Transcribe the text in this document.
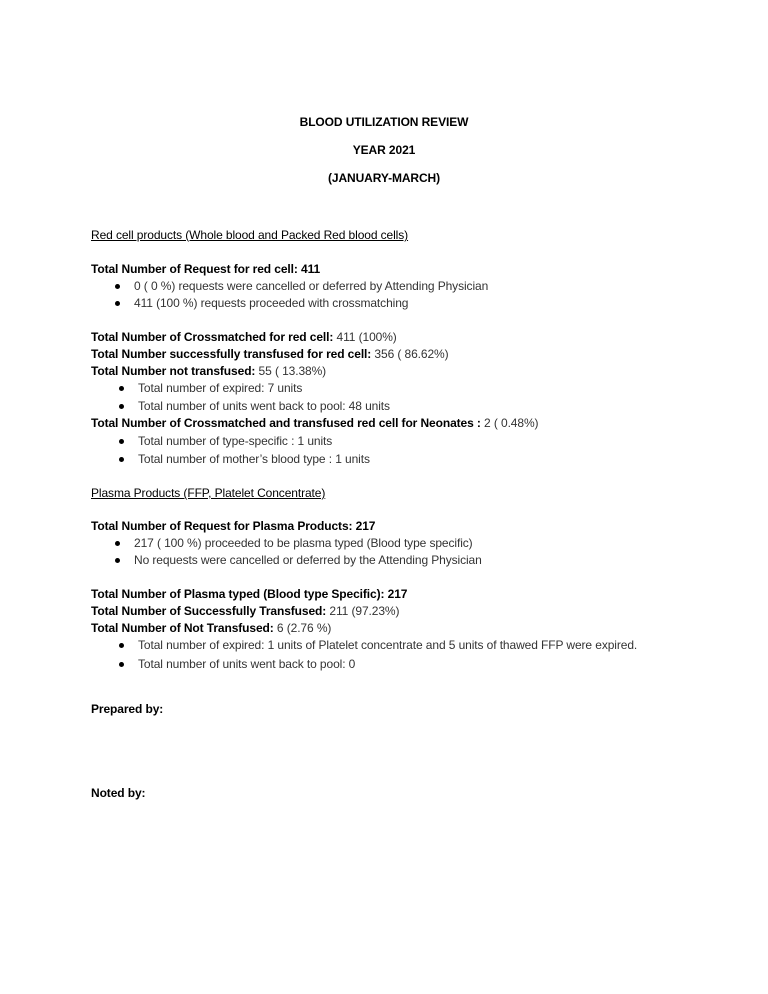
BLOOD UTILIZATION REVIEW

YEAR 2021

(JANUARY-MARCH)

Red cell products (Whole blood and Packed Red blood cells)
Total Number of Request for red cell: 411
0 ( 0 %) requests were cancelled or deferred by Attending Physician
411 (100 %) requests proceeded with crossmatching
Total Number of Crossmatched for red cell: 411 (100%)
Total Number successfully transfused for red cell: 356 ( 86.62%)
Total Number not transfused: 55 ( 13.38%)
Total number of expired: 7 units
Total number of units went back to pool: 48 units
Total Number of Crossmatched and transfused red cell for Neonates : 2 ( 0.48%)
Total number of type-specific : 1 units
Total number of mother’s blood type : 1 units
Plasma Products (FFP, Platelet Concentrate)
Total Number of Request for Plasma Products: 217
217 ( 100 %) proceeded to be plasma typed (Blood type specific)
No requests were cancelled or deferred by the Attending Physician
Total Number of Plasma typed (Blood type Specific): 217
Total Number of Successfully Transfused: 211 (97.23%)
Total Number of Not Transfused: 6 (2.76 %)
Total number of expired: 1 units of Platelet concentrate and 5 units of thawed FFP were expired.
Total number of units went back to pool: 0
Prepared by:
Noted by:
